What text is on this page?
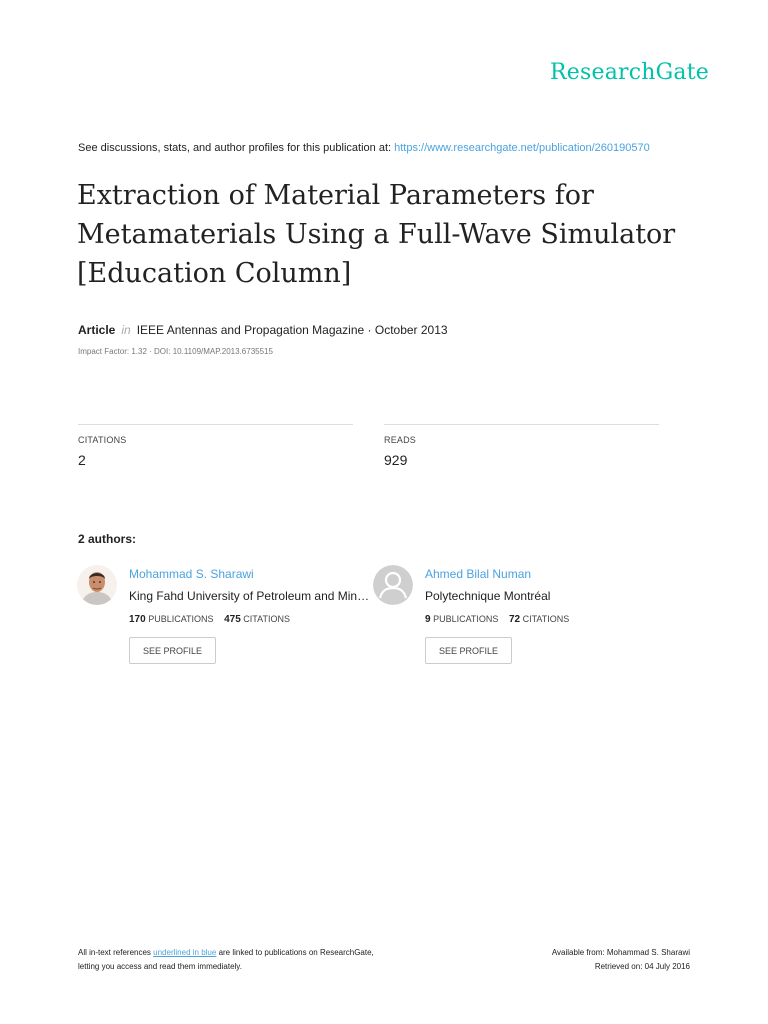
ResearchGate
See discussions, stats, and author profiles for this publication at: https://www.researchgate.net/publication/260190570
Extraction of Material Parameters for
Metamaterials Using a Full-Wave Simulator
[Education Column]
Article in IEEE Antennas and Propagation Magazine · October 2013
Impact Factor: 1.32 · DOI: 10.1109/MAP.2013.6735515
CITATIONS
2
READS
929
2 authors:
Mohammad S. Sharawi
King Fahd University of Petroleum and Min…
170 PUBLICATIONS 475 CITATIONS
SEE PROFILE
Ahmed Bilal Numan
Polytechnique Montréal
9 PUBLICATIONS 72 CITATIONS
SEE PROFILE
All in-text references underlined in blue are linked to publications on ResearchGate,
letting you access and read them immediately.
Available from: Mohammad S. Sharawi
Retrieved on: 04 July 2016
